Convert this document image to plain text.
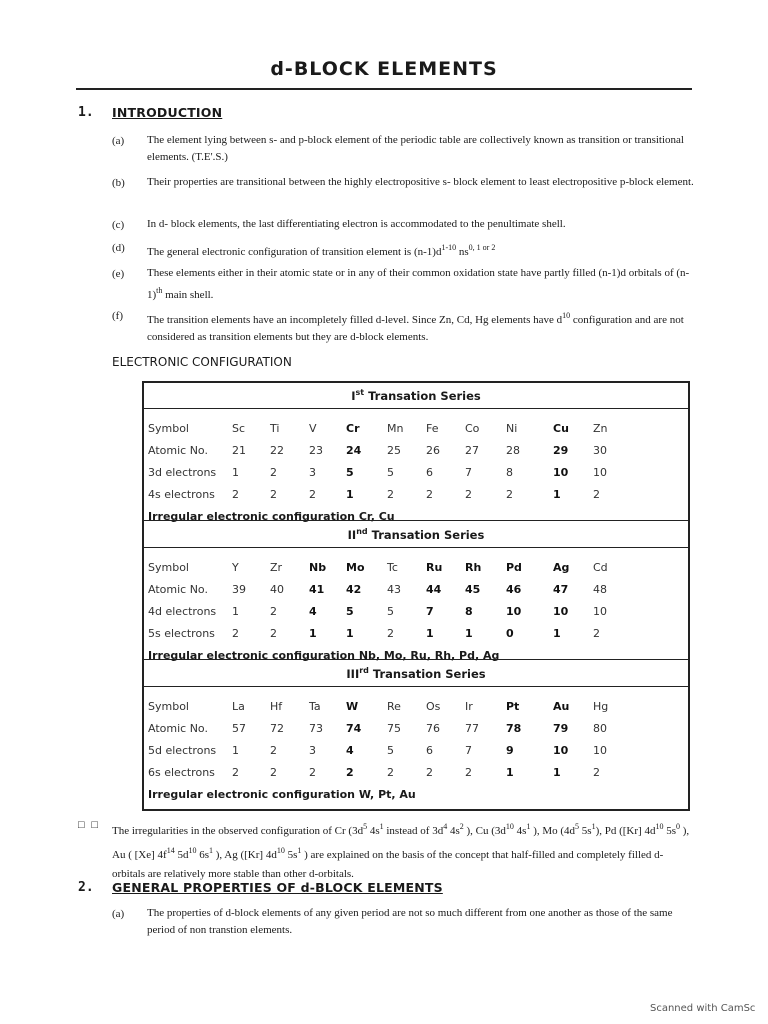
d-BLOCK ELEMENTS
1. INTRODUCTION
(a) The element lying between s- and p-block element of the periodic table are collectively known as transition or transitional elements. (T.E'.S.)
(b) Their properties are transitional between the highly electropositive s- block element to least electropositive p-block element.
(c) In d- block elements, the last differentiating electron is accommodated to the penultimate shell.
(d) The general electronic configuration of transition element is $(n-1)d^{1-10}$ $ns^{0, 1 or 2}$
(e) These elements either in their atomic state or in any of their common oxidation state have partly filled (n-1)d orbitals of $(n-1)^{th}$ main shell.
(f) The transition elements have an incompletely filled d-level. Since Zn, Cd, Hg elements have $d^{10}$ configuration and are not considered as transition elements but they are d-block elements.
ELECTRONIC CONFIGURATION
Ist Transation Series
Symbol	Sc Ti	V	Cr	Mn Fe Co Ni	Cu Zn
Atomic No. 21 22 23 24 25 26 27 28	29 30
3d electrons 1	2	3	5	5	6	7	8	10 10
4s electrons 2	2	2	1	2	2	2	2	1	2
Irregular electronic configuration Cr, Cu
IInd Transation Series
Symbol	Y	Zr Nb Mo Tc	Ru Rh Pd	Ag Cd
Atomic No. 39 40 41 42 43 44 45 46	47 48
4d electrons 1	2	4	5	5	7	8	10	10 10
5s electrons 2	2	1	1	2	1	1	0	1	2
Irregular electronic configuration Nb, Mo, Ru, Rh, Pd, Ag
IIIrd Transation Series
Symbol	La Hf Ta W	Re Os Ir	Pt	Au Hg
Atomic No. 57 72 73 74 75 76 77 78	79 80
5d electrons 1	2	3	4	5	6	7	9	10 10
6s electrons 2	2	2	2	2	2	2	1	1	2
Irregular electronic configuration W, Pt, Au
□ □ The irregularities in the observed configuration of Cr ($3d^5$ $4s^1$ instead of $3d^4$ $4s^2$ ), Cu ($3d^{10}$ $4s^1$ ), Mo ($4d^5$ $5s^1$), Pd ([Kr] $4d^{10}$ $5s^0$ ), Au ( [Xe] $4f^{14}$ $5d^{10}$ $6s^1$ ), Ag ([Kr] $4d^{10}$ $5s^1$ ) are explained on the basis of the concept that half-filled and completely filled d-orbitals are relatively more stable than other d-orbitals.
2. GENERAL PROPERTIES OF d-BLOCK ELEMENTS
(a) The properties of d-block elements of any given period are not so much different from one another as those of the same period of non transtion elements.
Scanned with CamSc
